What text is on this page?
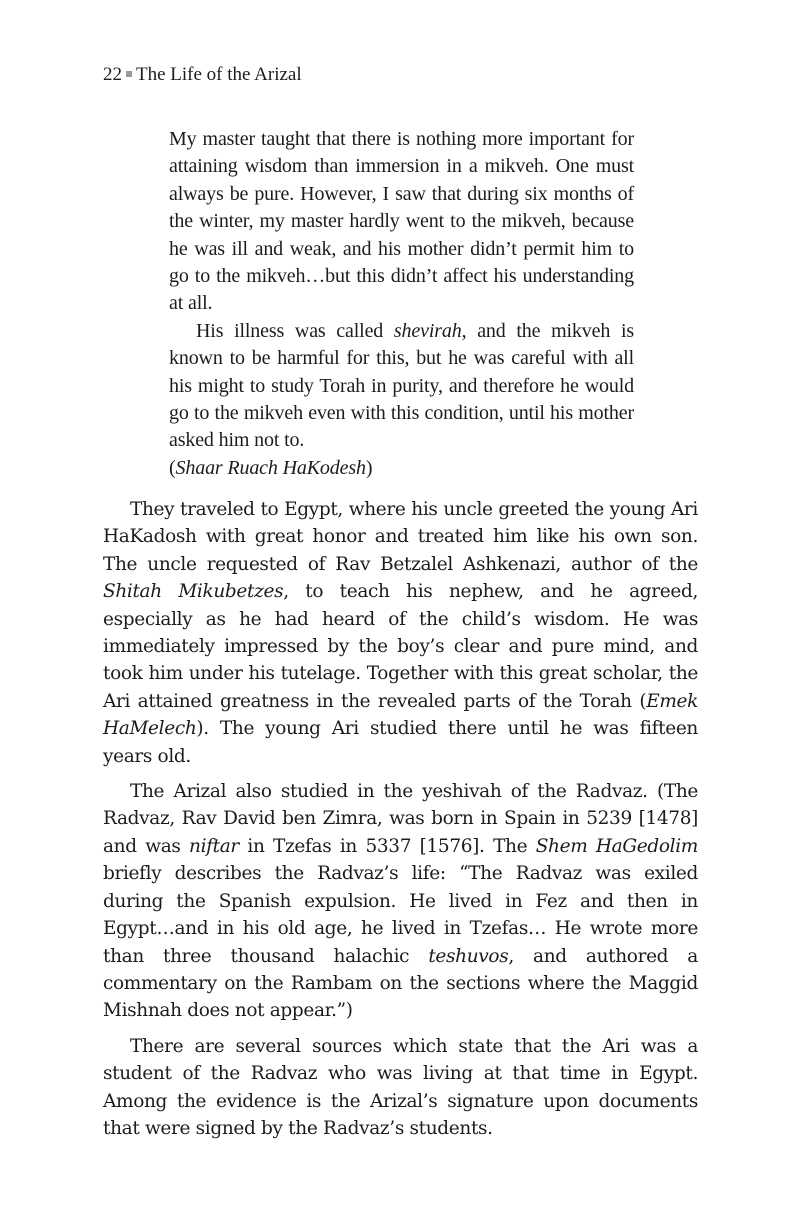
22 The Life of the Arizal

My master taught that there is nothing more important for attaining wisdom than immersion in a mikveh. One must always be pure. However, I saw that during six months of the winter, my master hardly went to the mikveh, because he was ill and weak, and his mother didn’t permit him to go to the mikveh…but this didn’t affect his understanding at all.

His illness was called shevirah, and the mikveh is known to be harmful for this, but he was careful with all his might to study Torah in purity, and therefore he would go to the mikveh even with this condition, until his mother asked him not to.

(Shaar Ruach HaKodesh)

They traveled to Egypt, where his uncle greeted the young Ari HaKadosh with great honor and treated him like his own son. The uncle requested of Rav Betzalel Ashkenazi, author of the Shitah Mikubetzes, to teach his nephew, and he agreed, especially as he had heard of the child’s wisdom. He was immediately impressed by the boy’s clear and pure mind, and took him under his tutelage. Together with this great scholar, the Ari attained greatness in the revealed parts of the Torah (Emek HaMelech). The young Ari studied there until he was fifteen years old.

The Arizal also studied in the yeshivah of the Radvaz. (The Radvaz, Rav David ben Zimra, was born in Spain in 5239 [1478] and was niftar in Tzefas in 5337 [1576]. The Shem HaGedolim briefly describes the Radvaz’s life: “The Radvaz was exiled during the Spanish expulsion. He lived in Fez and then in Egypt…and in his old age, he lived in Tzefas… He wrote more than three thousand halachic teshuvos, and authored a commentary on the Rambam on the sections where the Maggid Mishnah does not appear.”)

There are several sources which state that the Ari was a student of the Radvaz who was living at that time in Egypt. Among the evidence is the Arizal’s signature upon documents that were signed by the Radvaz’s students.
